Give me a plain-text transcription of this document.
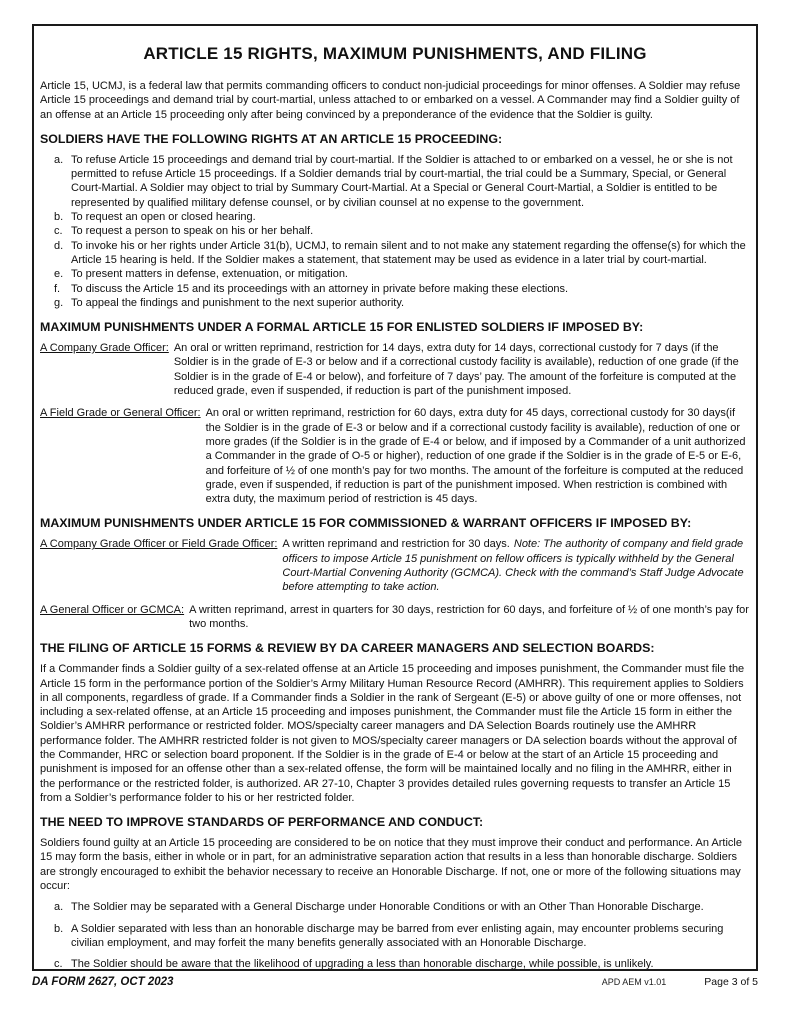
ARTICLE 15 RIGHTS, MAXIMUM PUNISHMENTS, AND FILING
Article 15, UCMJ, is a federal law that permits commanding officers to conduct non-judicial proceedings for minor offenses. A Soldier may refuse Article 15 proceedings and demand trial by court-martial, unless attached to or embarked on a vessel. A Commander may find a Soldier guilty of an offense at an Article 15 proceeding only after being convinced by a preponderance of the evidence that the Soldier is guilty.
SOLDIERS HAVE THE FOLLOWING RIGHTS AT AN ARTICLE 15 PROCEEDING:
a. To refuse Article 15 proceedings and demand trial by court-martial. If the Soldier is attached to or embarked on a vessel, he or she is not permitted to refuse Article 15 proceedings. If a Soldier demands trial by court-martial, the trial could be a Summary, Special, or General Court-Martial. A Soldier may object to trial by Summary Court-Martial. At a Special or General Court-Martial, a Soldier is entitled to be represented by qualified military defense counsel, or by civilian counsel at no expense to the government.
b. To request an open or closed hearing.
c. To request a person to speak on his or her behalf.
d. To invoke his or her rights under Article 31(b), UCMJ, to remain silent and to not make any statement regarding the offense(s) for which the Article 15 hearing is held. If the Soldier makes a statement, that statement may be used as evidence in a later trial by court-martial.
e. To present matters in defense, extenuation, or mitigation.
f. To discuss the Article 15 and its proceedings with an attorney in private before making these elections.
g. To appeal the findings and punishment to the next superior authority.
MAXIMUM PUNISHMENTS UNDER A FORMAL ARTICLE 15 FOR ENLISTED SOLDIERS IF IMPOSED BY:
A Company Grade Officer: An oral or written reprimand, restriction for 14 days, extra duty for 14 days, correctional custody for 7 days (if the Soldier is in the grade of E-3 or below and if a correctional custody facility is available), reduction of one grade (if the Soldier is in the grade of E-4 or below), and forfeiture of 7 days’ pay. The amount of the forfeiture is computed at the reduced grade, even if suspended, if reduction is part of the punishment imposed.
A Field Grade or General Officer: An oral or written reprimand, restriction for 60 days, extra duty for 45 days, correctional custody for 30 days(if the Soldier is in the grade of E-3 or below and if a correctional custody facility is available), reduction of one or more grades (if the Soldier is in the grade of E-4 or below, and if imposed by a Commander of a unit authorized a Commander in the grade of O-5 or higher), reduction of one grade if the Soldier is in the grade of E-5 or E-6, and forfeiture of ½ of one month’s pay for two months. The amount of the forfeiture is computed at the reduced grade, even if suspended, if reduction is part of the punishment imposed. When restriction is combined with extra duty, the maximum period of restriction is 45 days.
MAXIMUM PUNISHMENTS UNDER ARTICLE 15 FOR COMMISSIONED & WARRANT OFFICERS IF IMPOSED BY:
A Company Grade Officer or Field Grade Officer: A written reprimand and restriction for 30 days. Note: The authority of company and field grade officers to impose Article 15 punishment on fellow officers is typically withheld by the General Court-Martial Convening Authority (GCMCA). Check with the command’s Staff Judge Advocate before attempting to take action.
A General Officer or GCMCA: A written reprimand, arrest in quarters for 30 days, restriction for 60 days, and forfeiture of ½ of one month’s pay for two months.
THE FILING OF ARTICLE 15 FORMS & REVIEW BY DA CAREER MANAGERS AND SELECTION BOARDS:
If a Commander finds a Soldier guilty of a sex-related offense at an Article 15 proceeding and imposes punishment, the Commander must file the Article 15 form in the performance portion of the Soldier’s Army Military Human Resource Record (AMHRR). This requirement applies to Soldiers in all components, regardless of grade. If a Commander finds a Soldier in the rank of Sergeant (E-5) or above guilty of one or more offenses, not including a sex-related offense, at an Article 15 proceeding and imposes punishment, the Commander must file the Article 15 form in either the Soldier’s AMHRR performance or restricted folder. MOS/specialty career managers and DA Selection Boards routinely use the AMHRR performance folder. The AMHRR restricted folder is not given to MOS/specialty career managers or DA selection boards without the approval of the Commander, HRC or selection board proponent. If the Soldier is in the grade of E-4 or below at the start of an Article 15 proceeding and punishment is imposed for an offense other than a sex-related offense, the form will be maintained locally and no filing in the AMHRR, either in the performance or the restricted folder, is authorized. AR 27-10, Chapter 3 provides detailed rules governing requests to transfer an Article 15 from a Soldier’s performance folder to his or her restricted folder.
THE NEED TO IMPROVE STANDARDS OF PERFORMANCE AND CONDUCT:
Soldiers found guilty at an Article 15 proceeding are considered to be on notice that they must improve their conduct and performance. An Article 15 may form the basis, either in whole or in part, for an administrative separation action that results in a less than honorable discharge. Soldiers are strongly encouraged to exhibit the behavior necessary to receive an Honorable Discharge. If not, one or more of the following situations may occur:
a. The Soldier may be separated with a General Discharge under Honorable Conditions or with an Other Than Honorable Discharge.
b. A Soldier separated with less than an honorable discharge may be barred from ever enlisting again, may encounter problems securing civilian employment, and may forfeit the many benefits generally associated with an Honorable Discharge.
c. The Soldier should be aware that the likelihood of upgrading a less than honorable discharge, while possible, is unlikely.
DA FORM 2627, OCT 2023	APD AEM v1.01	Page 3 of 5
